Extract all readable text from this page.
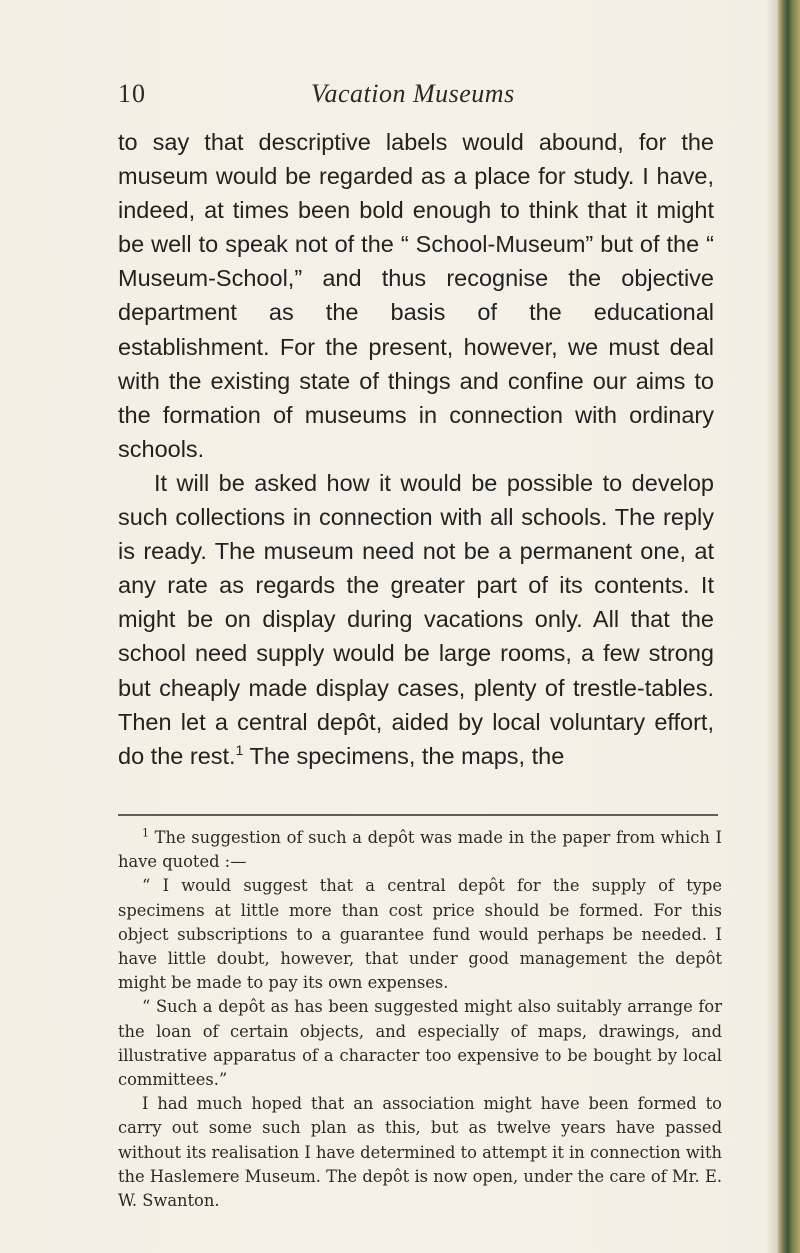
10	Vacation Museums

to say that descriptive labels would abound, for the museum would be regarded as a place for study. I have, indeed, at times been bold enough to think that it might be well to speak not of the “ School-Museum” but of the “ Museum-School,” and thus recognise the objective department as the basis of the educational establishment. For the present, however, we must deal with the existing state of things and confine our aims to the formation of museums in connection with ordinary schools.

It will be asked how it would be possible to develop such collections in connection with all schools. The reply is ready. The museum need not be a permanent one, at any rate as regards the greater part of its contents. It might be on display during vacations only. All that the school need supply would be large rooms, a few strong but cheaply made display cases, plenty of trestle-tables. Then let a central depôt, aided by local voluntary effort, do the rest.$^1$ The specimens, the maps, the

$^1$ The suggestion of such a depôt was made in the paper from which I have quoted :—

“ I would suggest that a central depôt for the supply of type specimens at little more than cost price should be formed. For this object subscriptions to a guarantee fund would perhaps be needed. I have little doubt, however, that under good management the depôt might be made to pay its own expenses.

“ Such a depôt as has been suggested might also suitably arrange for the loan of certain objects, and especially of maps, drawings, and illustrative apparatus of a character too expensive to be bought by local committees.”

I had much hoped that an association might have been formed to carry out some such plan as this, but as twelve years have passed without its realisation I have determined to attempt it in connection with the Haslemere Museum. The depôt is now open, under the care of Mr. E. W. Swanton.
